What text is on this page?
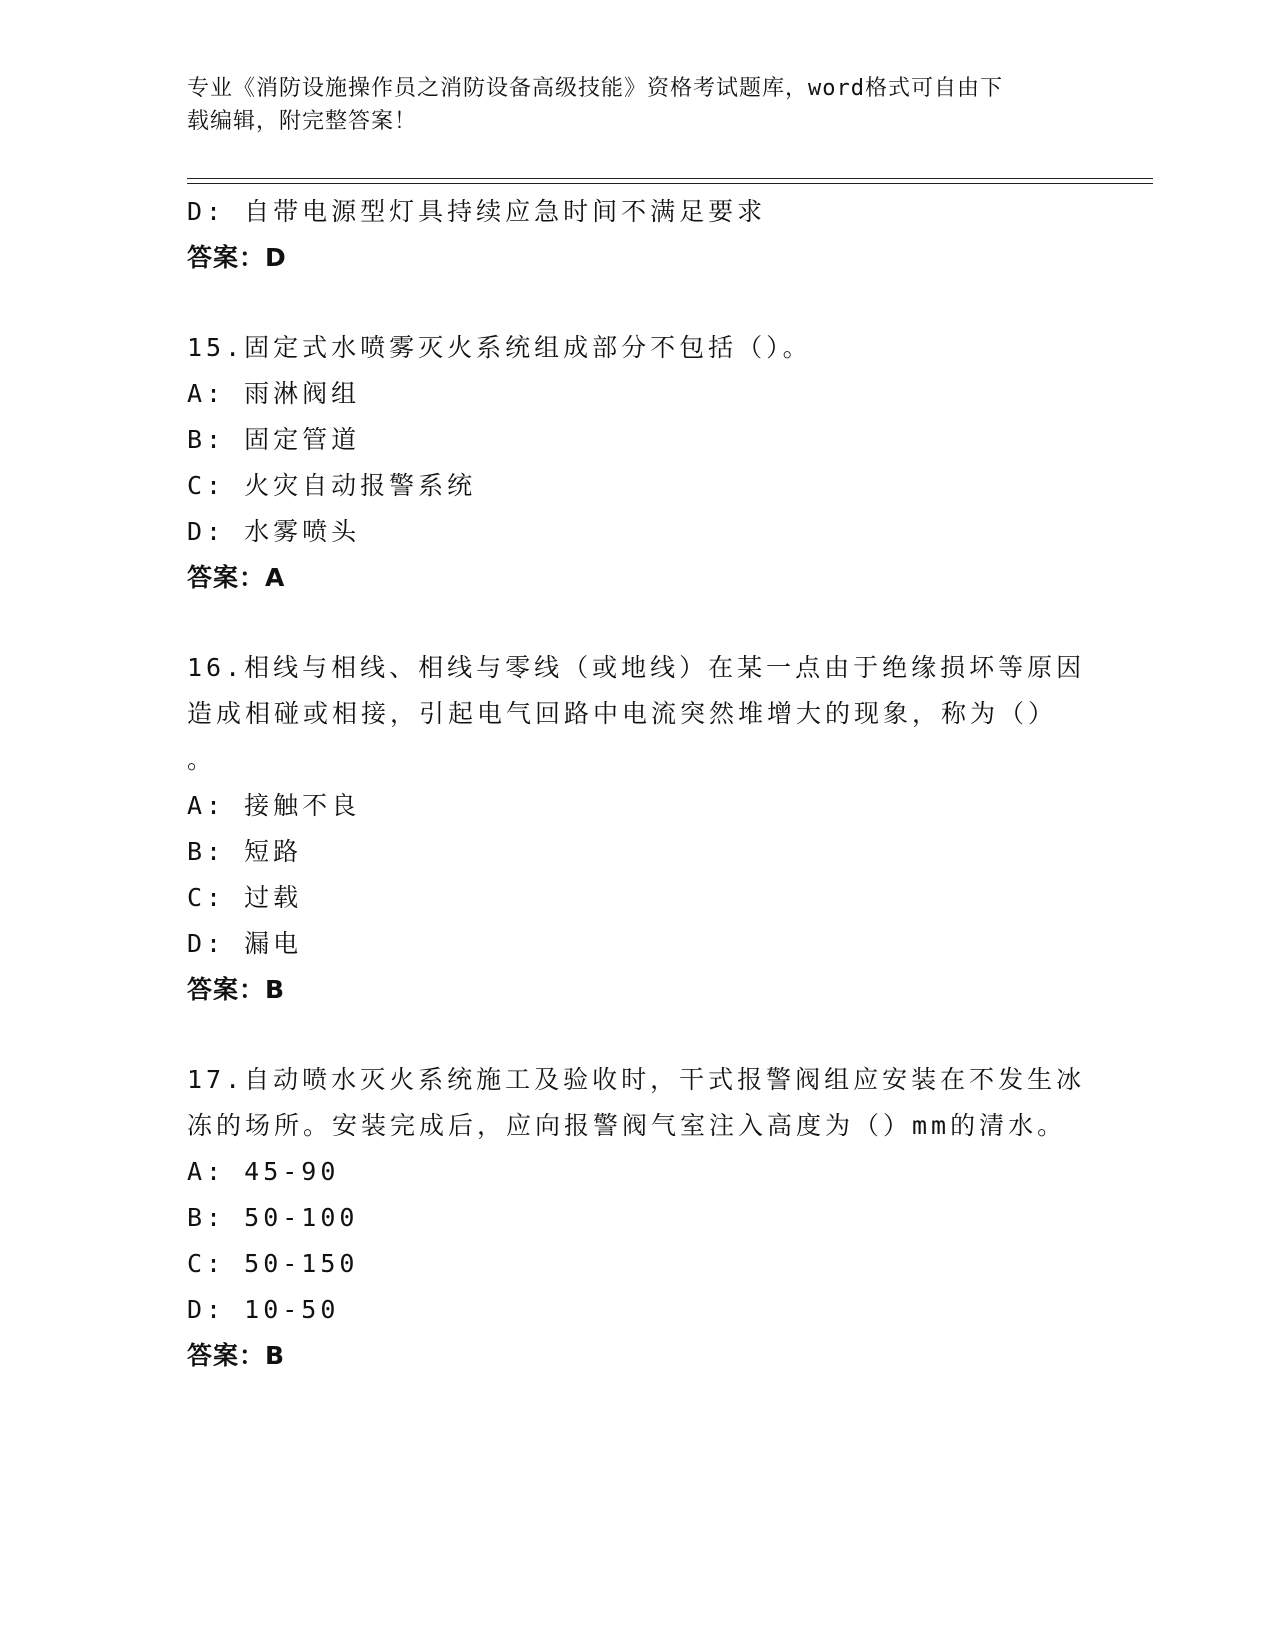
专业《消防设施操作员之消防设备高级技能》资格考试题库，word格式可自由下
载编辑，附完整答案！
D: 自带电源型灯具持续应急时间不满足要求
答案：D
15.固定式水喷雾灭火系统组成部分不包括（）。
A: 雨淋阀组
B: 固定管道
C: 火灾自动报警系统
D: 水雾喷头
答案：A
16.相线与相线、相线与零线（或地线）在某一点由于绝缘损坏等原因
造成相碰或相接，引起电气回路中电流突然堆增大的现象，称为（）
。
A: 接触不良
B: 短路
C: 过载
D: 漏电
答案：B
17.自动喷水灭火系统施工及验收时，干式报警阀组应安装在不发生冰
冻的场所。安装完成后，应向报警阀气室注入高度为（）mm的清水。
A: 45-90
B: 50-100
C: 50-150
D: 10-50
答案：B
